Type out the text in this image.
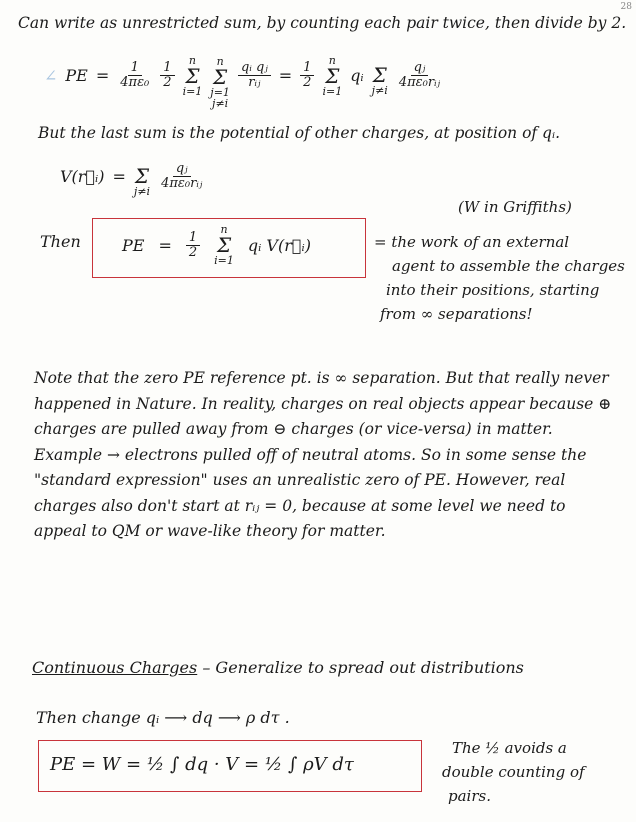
28
Can write as unrestricted sum, by counting each pair twice, then divide by 2.
∠ PE = $\frac{1}{\text{4πε₀}} \frac{1}{2}$
n
Σ
i=1
n
Σ
j=1
j≠i
$\frac{\text{qᵢ qⱼ}}{\text{rᵢⱼ}} = \frac{1}{2}$
n
Σ
i=1
qᵢ Σ
j≠i
$\frac{\text{qⱼ}}{\text{4πε₀rᵢⱼ}}$
But the last sum is the potential of other charges, at position of qᵢ.
V(r⃗ᵢ) = Σ
j≠i
$\frac{\text{qⱼ}}{\text{4πε₀rᵢⱼ}}$
(W in Griffiths)
Then	PE = $\frac{1}{2}$
n
Σ
i=1
qᵢ V(r⃗ᵢ)	= the work of an external
agent to assemble the charges
into their positions, starting
from ∞ separations!
Note that the zero PE reference pt. is ∞ separation. But that really never happened in Nature. In reality, charges on real objects appear because ⊕ charges are pulled away from ⊖ charges (or vice-versa) in matter. Example → electrons pulled off of neutral atoms. So in some sense the "standard expression" uses an unrealistic zero of PE. However, real charges also don't start at rᵢⱼ = 0, because at some level we need to appeal to QM or wave-like theory for matter.
Continuous Charges – Generalize to spread out distributions
Then change qᵢ ⟶ dq ⟶ ρ dτ .
PE = W = ½ ∫ dq · V = ½ ∫ ρV dτ
The ½ avoids a
double counting of
pairs.
